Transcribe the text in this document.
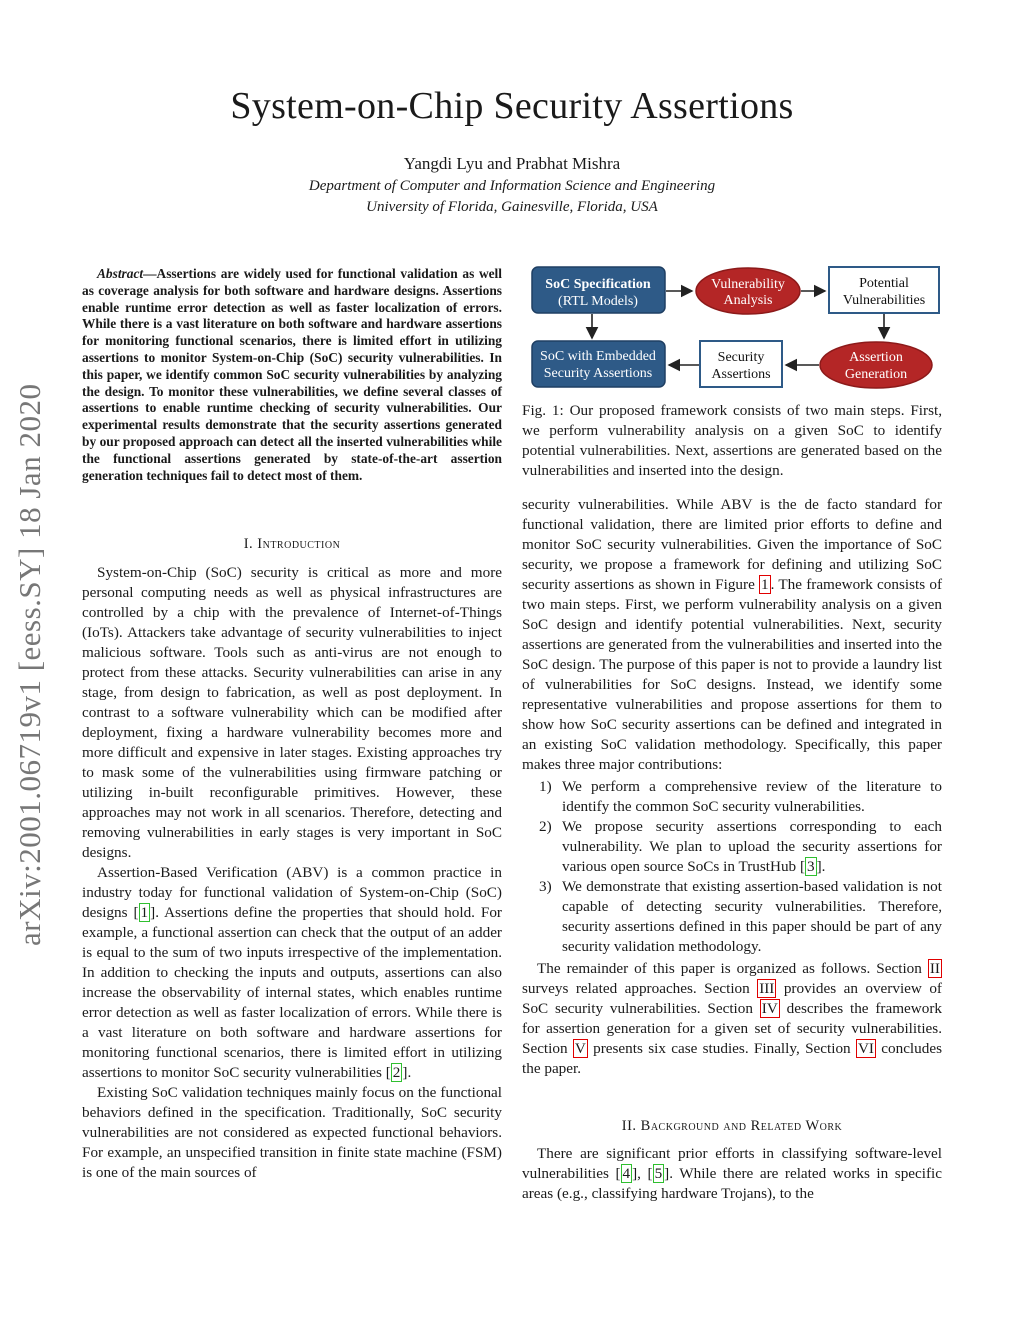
System-on-Chip Security Assertions
Yangdi Lyu and Prabhat Mishra
Department of Computer and Information Science and Engineering
University of Florida, Gainesville, Florida, USA
arXiv:2001.06719v1 [eess.SY] 18 Jan 2020

Abstract—Assertions are widely used for functional validation as well as coverage analysis for both software and hardware designs. Assertions enable runtime error detection as well as faster localization of errors. While there is a vast literature on both software and hardware assertions for monitoring functional scenarios, there is limited effort in utilizing assertions to monitor System-on-Chip (SoC) security vulnerabilities. In this paper, we identify common SoC security vulnerabilities by analyzing the design. To monitor these vulnerabilities, we define several classes of assertions to enable runtime checking of security vulnerabilities. Our experimental results demonstrate that the security assertions generated by our proposed approach can detect all the inserted vulnerabilities while the functional assertions generated by state-of-the-art assertion generation techniques fail to detect most of them.

I. Introduction

System-on-Chip (SoC) security is critical as more and more personal computing needs as well as physical infrastructures are controlled by a chip with the prevalence of Internet-of-Things (IoTs). Attackers take advantage of security vulnerabilities to inject malicious software. Tools such as anti-virus are not enough to protect from these attacks. Security vulnerabilities can arise in any stage, from design to fabrication, as well as post deployment. In contrast to a software vulnerability which can be modified after deployment, fixing a hardware vulnerability becomes more and more difficult and expensive in later stages. Existing approaches try to mask some of the vulnerabilities using firmware patching or utilizing in-built reconfigurable primitives. However, these approaches may not work in all scenarios. Therefore, detecting and removing vulnerabilities in early stages is very important in SoC designs.

Assertion-Based Verification (ABV) is a common practice in industry today for functional validation of System-on-Chip (SoC) designs [ 1 ]. Assertions define the properties that should hold. For example, a functional assertion can check that the output of an adder is equal to the sum of two inputs irrespective of the implementation. In addition to checking the inputs and outputs, assertions can also increase the observability of internal states, which enables runtime error detection as well as faster localization of errors. While there is a vast literature on both software and hardware assertions for monitoring functional scenarios, there is limited effort in utilizing assertions to monitor SoC security vulnerabilities [ 2 ].

Existing SoC validation techniques mainly focus on the functional behaviors defined in the specification. Traditionally, SoC security vulnerabilities are not considered as expected functional behaviors. For example, an unspecified transition in finite state machine (FSM) is one of the main sources of

SoC Specification
(RTL Models)
Vulnerability
Analysis
Potential
Vulnerabilities
SoC with Embedded
Security Assertions
Security
Assertions
Assertion
Generation
Fig. 1: Our proposed framework consists of two main steps. First, we perform vulnerability analysis on a given SoC to identify potential vulnerabilities. Next, assertions are generated based on the vulnerabilities and inserted into the design.

security vulnerabilities. While ABV is the de facto standard for functional validation, there are limited prior efforts to define and monitor SoC security vulnerabilities. Given the importance of SoC security, we propose a framework for defining and utilizing SoC security assertions as shown in Figure 1 . The framework consists of two main steps. First, we perform vulnerability analysis on a given SoC design and identify potential vulnerabilities. Next, security assertions are generated from the vulnerabilities and inserted into the SoC design. The purpose of this paper is not to provide a laundry list of vulnerabilities for SoC designs. Instead, we identify some representative vulnerabilities and propose assertions for them to show how SoC security assertions can be defined and integrated in an existing SoC validation methodology. Specifically, this paper makes three major contributions:

1) We perform a comprehensive review of the literature to identify the common SoC security vulnerabilities.
2) We propose security assertions corresponding to each vulnerability. We plan to upload the security assertions for various open source SoCs in TrustHub [ 3 ].
3) We demonstrate that existing assertion-based validation is not capable of detecting security vulnerabilities. Therefore, security assertions defined in this paper should be part of any security validation methodology.

The remainder of this paper is organized as follows. Section II surveys related approaches. Section III provides an overview of SoC security vulnerabilities. Section IV describes the framework for assertion generation for a given set of security vulnerabilities. Section V presents six case studies. Finally, Section VI concludes the paper.

II. Background and Related Work

There are significant prior efforts in classifying software-level vulnerabilities [ 4 ], [ 5 ]. While there are related works in specific areas (e.g., classifying hardware Trojans), to the
